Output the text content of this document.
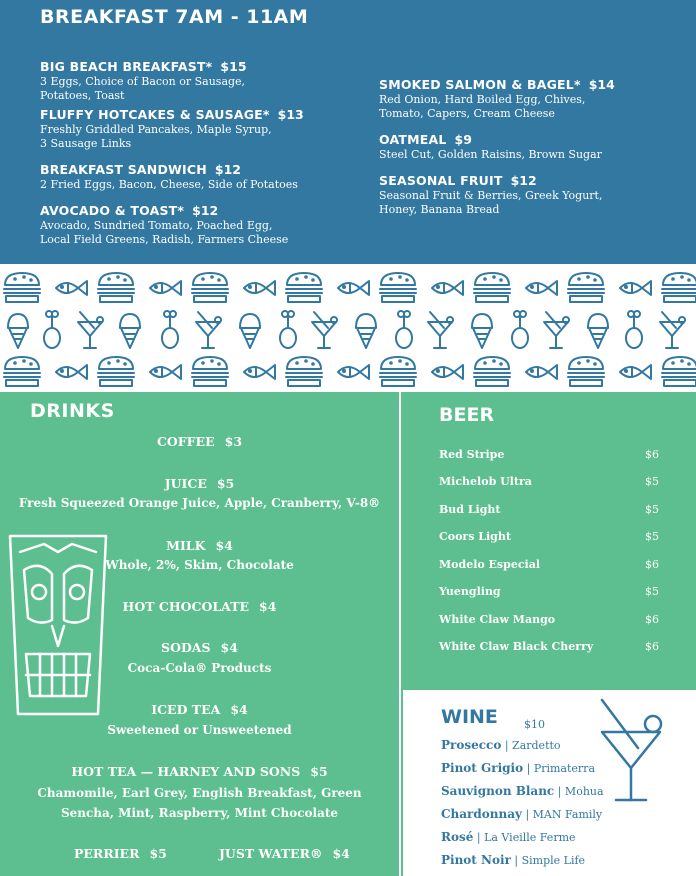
BREAKFAST 7AM - 11AM
BIG BEACH BREAKFAST* $15
3 Eggs, Choice of Bacon or Sausage,
Potatoes, Toast
FLUFFY HOTCAKES & SAUSAGE* $13
Freshly Griddled Pancakes, Maple Syrup,
3 Sausage Links
BREAKFAST SANDWICH $12
2 Fried Eggs, Bacon, Cheese, Side of Potatoes
AVOCADO & TOAST* $12
Avocado, Sundried Tomato, Poached Egg,
Local Field Greens, Radish, Farmers Cheese
SMOKED SALMON & BAGEL* $14
Red Onion, Hard Boiled Egg, Chives,
Tomato, Capers, Cream Cheese
OATMEAL $9
Steel Cut, Golden Raisins, Brown Sugar
SEASONAL FRUIT $12
Seasonal Fruit & Berries, Greek Yogurt,
Honey, Banana Bread
DRINKS
COFFEE $3
JUICE $5
Fresh Squeezed Orange Juice, Apple, Cranberry, V-8®
MILK $4
Whole, 2%, Skim, Chocolate
HOT CHOCOLATE $4
SODAS $4
Coca-Cola® Products
ICED TEA $4
Sweetened or Unsweetened
HOT TEA — HARNEY AND SONS $5
Chamomile, Earl Grey, English Breakfast, Green
Sencha, Mint, Raspberry, Mint Chocolate
PERRIER $5	JUST WATER® $4
BEER
Red Stripe	$6
Michelob Ultra	$5
Bud Light	$5
Coors Light	$5
Modelo Especial	$6
Yuengling	$5
White Claw Mango	$6
White Claw Black Cherry	$6
WINE $10
Prosecco | Zardetto
Pinot Grigio | Primaterra
Sauvignon Blanc | Mohua
Chardonnay | MAN Family
Rosé | La Vieille Ferme
Pinot Noir | Simple Life
